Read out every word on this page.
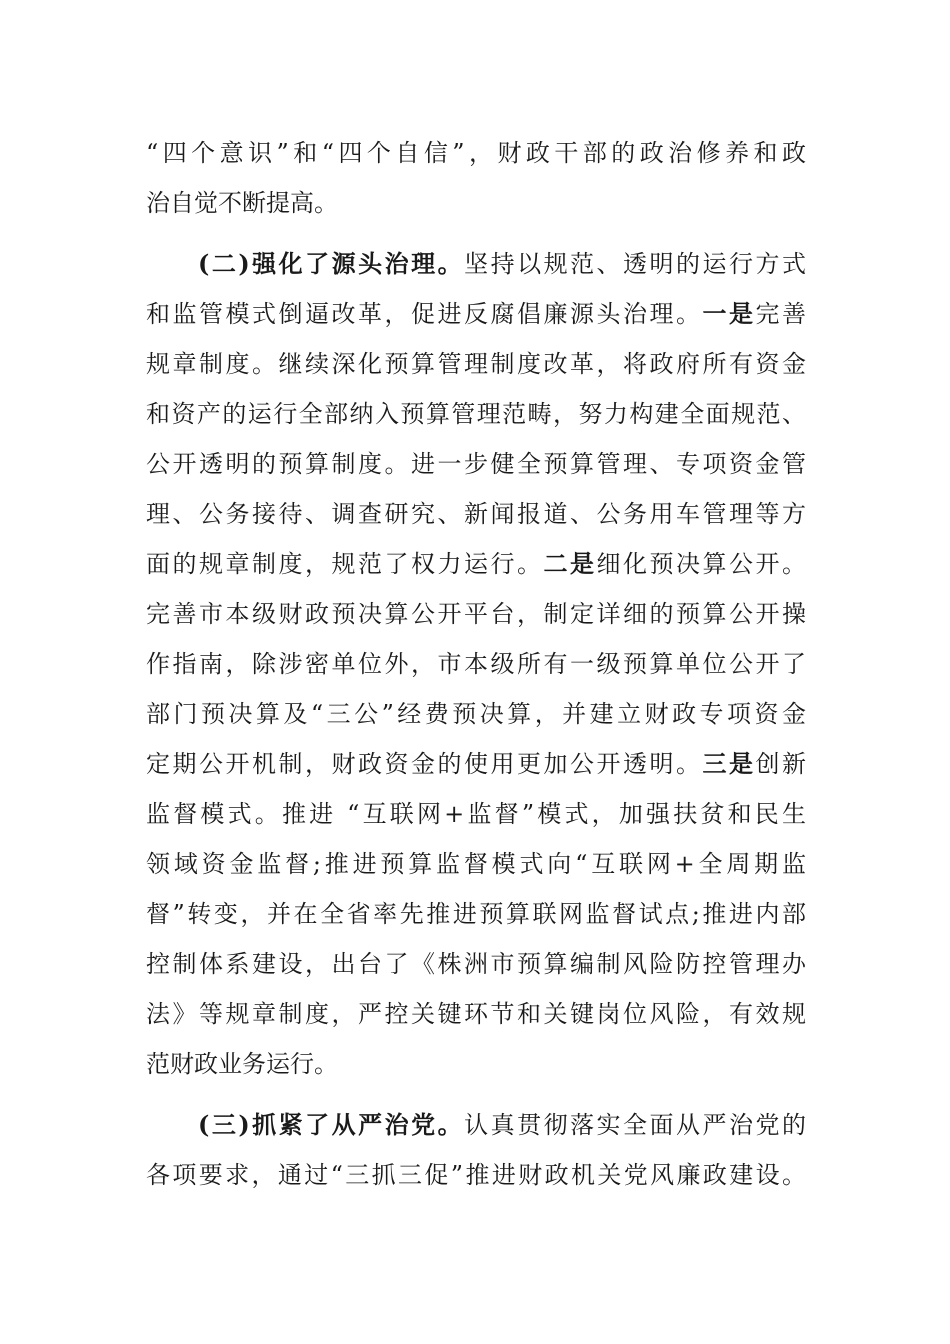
“四个意识”和“四个自信”，财政干部的政治修养和政
治自觉不断提高。
(二)强化了源头治理。坚持以规范、透明的运行方式
和监管模式倒逼改革，促进反腐倡廉源头治理。一是完善
规章制度。继续深化预算管理制度改革，将政府所有资金
和资产的运行全部纳入预算管理范畴，努力构建全面规范、
公开透明的预算制度。进一步健全预算管理、专项资金管
理、公务接待、调查研究、新闻报道、公务用车管理等方
面的规章制度，规范了权力运行。二是细化预决算公开。
完善市本级财政预决算公开平台，制定详细的预算公开操
作指南，除涉密单位外，市本级所有一级预算单位公开了
部门预决算及“三公”经费预决算，并建立财政专项资金
定期公开机制，财政资金的使用更加公开透明。三是创新
监督模式。推进 “互联网+监督”模式，加强扶贫和民生
领域资金监督;推进预算监督模式向“互联网+全周期监
督”转变，并在全省率先推进预算联网监督试点;推进内部
控制体系建设，出台了《株洲市预算编制风险防控管理办
法》等规章制度，严控关键环节和关键岗位风险，有效规
范财政业务运行。
(三)抓紧了从严治党。认真贯彻落实全面从严治党的
各项要求，通过“三抓三促”推进财政机关党风廉政建设。
